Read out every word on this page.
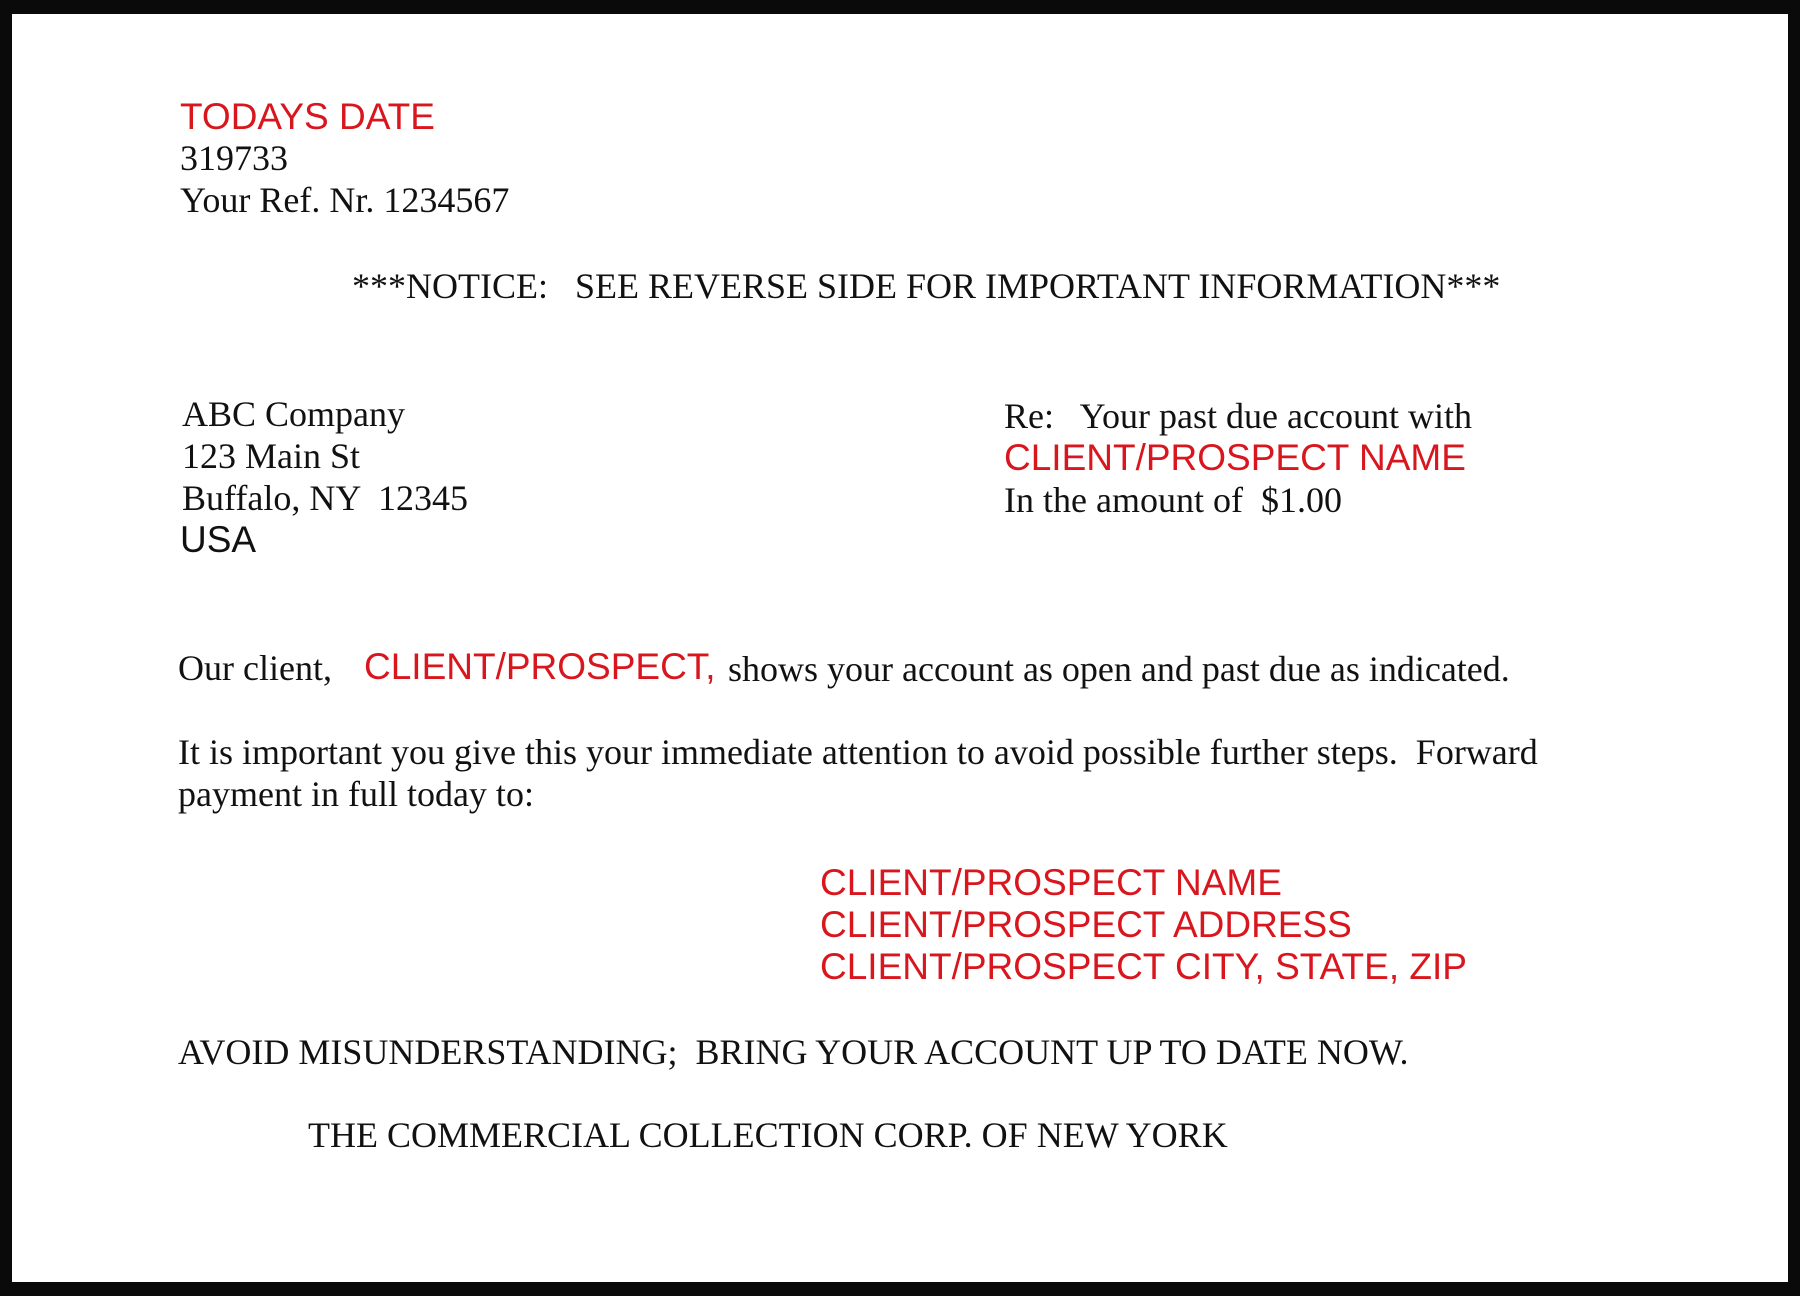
TODAYS DATE
319733
Your Ref. Nr. 1234567
***NOTICE:   SEE REVERSE SIDE FOR IMPORTANT INFORMATION***
ABC Company
123 Main St
Buffalo, NY  12345
USA
Re:   Your past due account with
CLIENT/PROSPECT NAME
In the amount of  $1.00
Our client, CLIENT/PROSPECT, shows your account as open and past due as indicated.
It is important you give this your immediate attention to avoid possible further steps.  Forward
payment in full today to:
CLIENT/PROSPECT NAME
CLIENT/PROSPECT ADDRESS
CLIENT/PROSPECT CITY, STATE, ZIP
AVOID MISUNDERSTANDING;  BRING YOUR ACCOUNT UP TO DATE NOW.
THE COMMERCIAL COLLECTION CORP. OF NEW YORK
